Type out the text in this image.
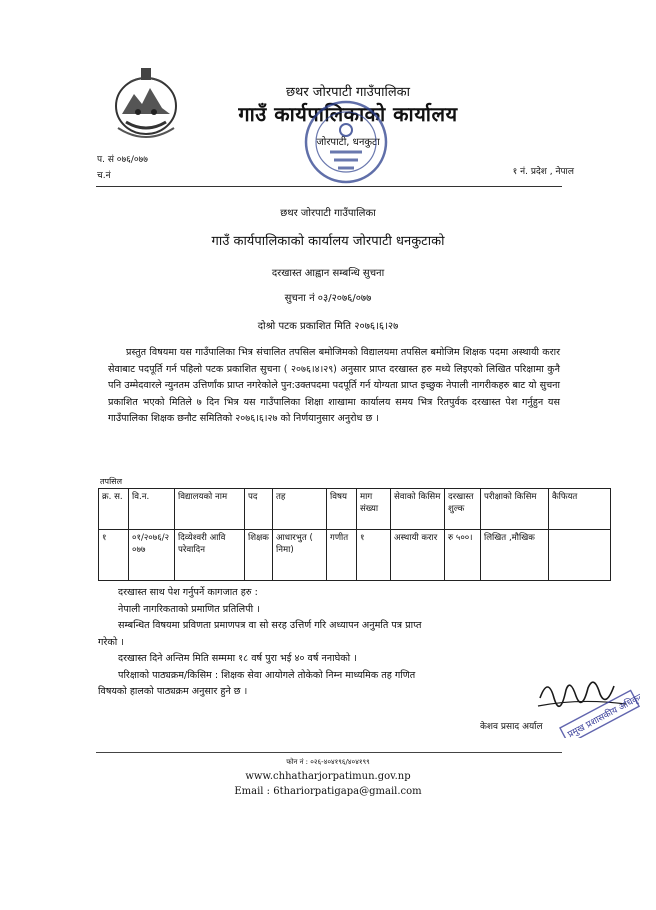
छथर जोरपाटी गाउँपालिका
गाउँ कार्यपालिकाको कार्यालय
जोरपाटी, धनकुटा
प. सं ०७६/०७७
च.नं	१ नं. प्रदेश , नेपाल
छथर जोरपाटी गाउँपालिका
गाउँ कार्यपालिकाको कार्यालय जोरपाटी धनकुटाको
दरखास्त आह्वान सम्बन्धि सुचना
सुचना नं ०३/२०७६/०७७
दोश्रो पटक प्रकाशित मिति २०७६।६।२७
प्रस्तुत विषयमा यस गाउँपालिका भित्र संचालित तपसिल बमोजिमको विद्यालयमा तपसिल बमोजिम शिक्षक पदमा अस्थायी करार सेवाबाट पदपूर्ति गर्न पहिलो पटक प्रकाशित सुचना ( २०७६।४।२९) अनुसार प्राप्त दरखास्त हरु मध्ये लिइएको लिखित परिक्षामा कुनै पनि उम्मेदवारले न्युनतम उत्तिर्णांक प्राप्त नगरेकोले पुन:उक्तपदमा पदपूर्ति गर्न योग्यता प्राप्त इच्छुक नेपाली नागरीकहरु बाट यो सुचना प्रकाशित भएको मितिले ७ दिन भित्र यस गाउँपालिका शिक्षा शाखामा कार्यालय समय भित्र रितपुर्वक दरखास्त पेश गर्नुहुन यस गाउँपालिका शिक्षक छनौट समितिको २०७६।६।२७ को निर्णयानुसार अनुरोध छ ।
तपसिल
क्र. स.	वि.न.	विद्यालयको नाम	पद	तह	विषय	माग संख्या	सेवाको किसिम	दरखास्त शुल्क	परीक्षाको किसिम	कैफियत
१	०१/२०७६/२०७७	दिव्येश्वरी आवि परेवादिन	शिक्षक	आधारभुत ( निमा)	गणीत	१	अस्थायी करार	रु ५००।	लिखित ,मौखिक	
दरखास्त साथ पेश गर्नुपर्ने कागजात हरु :
नेपाली नागरिकताको प्रमाणित प्रतिलिपी ।
सम्बन्धित विषयमा प्रविणता प्रमाणपत्र वा सो सरह उत्तिर्ण गरि अध्यापन अनुमति पत्र प्राप्त
गरेको ।
दरखास्त दिने अन्तिम मिति सम्ममा १८ वर्ष पुरा भई ४० वर्ष ननाघेको ।
परिक्षाको पाठ्यक्रम/किसिम : शिक्षक सेवा आयोगले तोकेको निम्न माध्यमिक तह गणित
विषयको हालको पाठ्यक्रम अनुसार हुने छ ।
प्रमुख प्रशासकीय अधिकृत
केशव प्रसाद अर्याल
फोन नं : ०२६-४०४१९६/४०४१९९
www.chhatharjorpatimun.gov.np
Email : 6thariorpatigapa@gmail.com
